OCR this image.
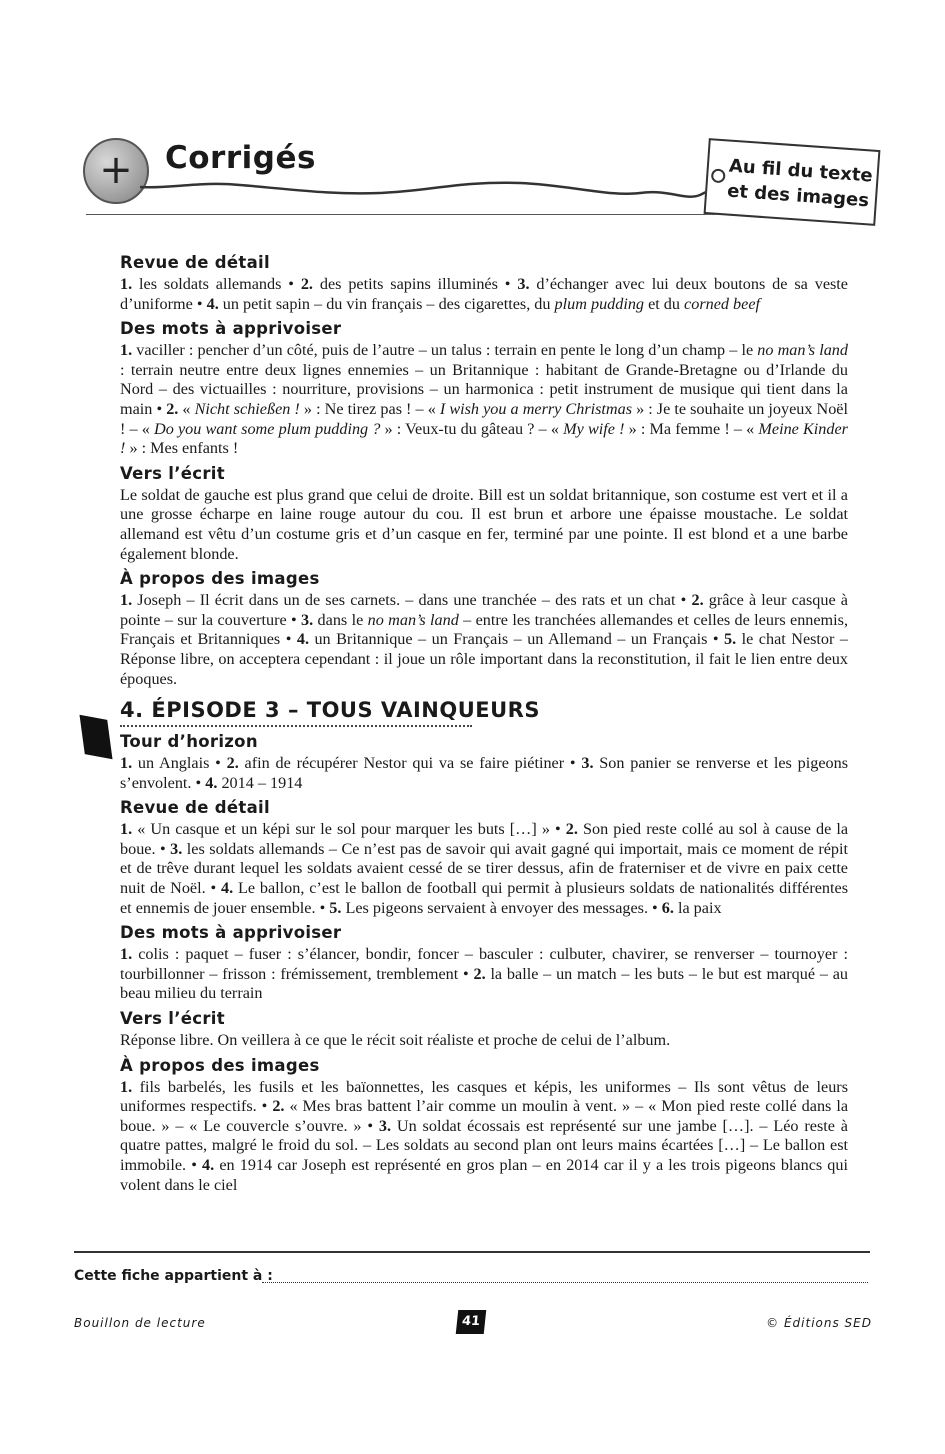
+	Corrigés	Au fil du texte
et des images
Revue de détail

1. les soldats allemands • 2. des petits sapins illuminés • 3. d’échanger avec lui deux boutons de sa veste d’uniforme • 4. un petit sapin – du vin français – des cigarettes, du plum pudding et du corned beef

Des mots à apprivoiser

1. vaciller : pencher d’un côté, puis de l’autre – un talus : terrain en pente le long d’un champ – le no man’s land : terrain neutre entre deux lignes ennemies – un Britannique : habitant de Grande-Bretagne ou d’Irlande du Nord – des victuailles : nourriture, provisions – un harmonica : petit instrument de musique qui tient dans la main • 2. « Nicht schießen ! » : Ne tirez pas ! – « I wish you a merry Christmas » : Je te souhaite un joyeux Noël ! – « Do you want some plum pudding ? » : Veux-tu du gâteau ? – « My wife ! » : Ma femme ! – « Meine Kinder ! » : Mes enfants !

Vers l’écrit

Le soldat de gauche est plus grand que celui de droite. Bill est un soldat britannique, son costume est vert et il a une grosse écharpe en laine rouge autour du cou. Il est brun et arbore une épaisse moustache. Le soldat allemand est vêtu d’un costume gris et d’un casque en fer, terminé par une pointe. Il est blond et a une barbe également blonde.

À propos des images

1. Joseph – Il écrit dans un de ses carnets. – dans une tranchée – des rats et un chat • 2. grâce à leur casque à pointe – sur la couverture • 3. dans le no man’s land – entre les tranchées allemandes et celles de leurs ennemis, Français et Britanniques • 4. un Britannique – un Français – un Allemand – un Français • 5. le chat Nestor – Réponse libre, on acceptera cependant : il joue un rôle important dans la reconstitution, il fait le lien entre deux époques.

4. ÉPISODE 3 – TOUS VAINQUEURS
Tour d’horizon

1. un Anglais • 2. afin de récupérer Nestor qui va se faire piétiner • 3. Son panier se renverse et les pigeons s’envolent. • 4. 2014 – 1914

Revue de détail

1. « Un casque et un képi sur le sol pour marquer les buts […] » • 2. Son pied reste collé au sol à cause de la boue. • 3. les soldats allemands – Ce n’est pas de savoir qui avait gagné qui importait, mais ce moment de répit et de trêve durant lequel les soldats avaient cessé de se tirer dessus, afin de fraterniser et de vivre en paix cette nuit de Noël. • 4. Le ballon, c’est le ballon de football qui permit à plusieurs soldats de nationalités différentes et ennemis de jouer ensemble. • 5. Les pigeons servaient à envoyer des messages. • 6. la paix

Des mots à apprivoiser

1. colis : paquet – fuser : s’élancer, bondir, foncer – basculer : culbuter, chavirer, se renverser – tournoyer : tourbillonner – frisson : frémissement, tremblement • 2. la balle – un match – les buts – le but est marqué – au beau milieu du terrain

Vers l’écrit

Réponse libre. On veillera à ce que le récit soit réaliste et proche de celui de l’album.

À propos des images

1. fils barbelés, les fusils et les baïonnettes, les casques et képis, les uniformes – Ils sont vêtus de leurs uniformes respectifs. • 2. « Mes bras battent l’air comme un moulin à vent. » – « Mon pied reste collé dans la boue. » – « Le couvercle s’ouvre. » • 3. Un soldat écossais est représenté sur une jambe […]. – Léo reste à quatre pattes, malgré le froid du sol. – Les soldats au second plan ont leurs mains écartées […] – Le ballon est immobile. • 4. en 1914 car Joseph est représenté en gros plan – en 2014 car il y a les trois pigeons blancs qui volent dans le ciel

Cette fiche appartient à :
Bouillon de lecture	41	© Éditions SED
